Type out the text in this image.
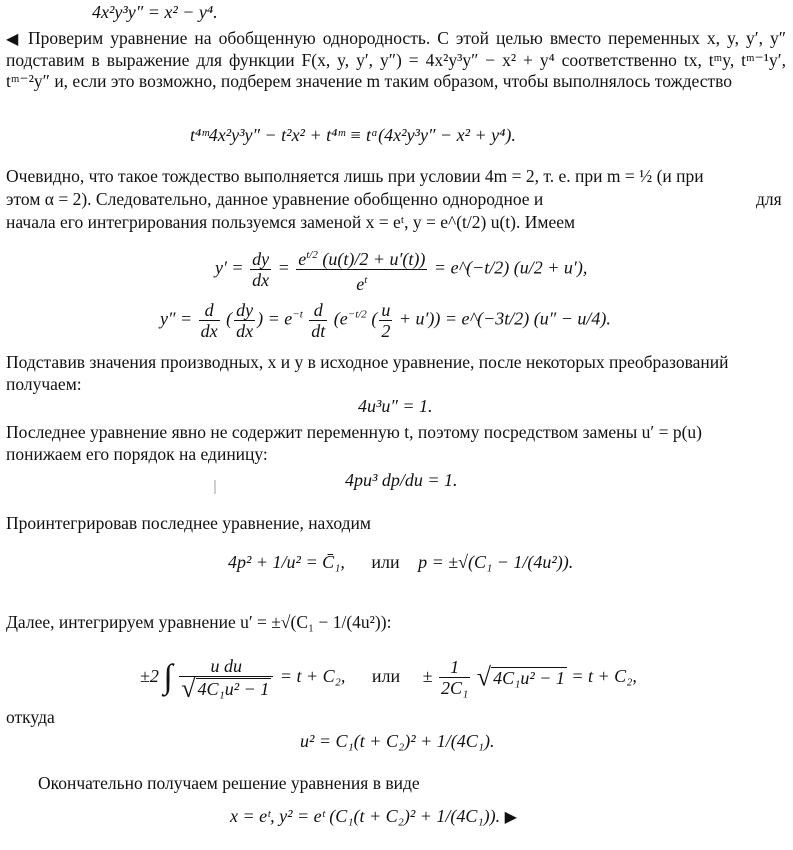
4x²y³y″ = x² − y⁴.
◀ Проверим уравнение на обобщенную однородность. С этой целью вместо переменных x, y, y′, y″ подставим в выражение для функции F(x, y, y′, y″) = 4x²y³y″ − x² + y⁴ соответственно tx, tᵐy, tᵐ⁻¹y′, tᵐ⁻²y″ и, если это возможно, подберем значение m таким образом, чтобы выполнялось тождество
t⁴ᵐ4x²y³y″ − t²x² + t⁴ᵐ ≡ tᵅ(4x²y³y″ − x² + y⁴).
Очевидно, что такое тождество выполняется лишь при условии 4m = 2, т. е. при m = ½ (и при
этом α = 2). Следовательно, данное уравнение обобщенно однородное и	для
начала его интегрирования пользуемся заменой x = eᵗ, y = e^(t/2) u(t). Имеем
$y' = \frac{dy}{dx} = \frac{e^{t/2} (u(t)/2 + u'(t))}{e^t}$ = e^(−t/2) (u/2 + u′),
$y'' = \frac{d}{dx}$ ( $\frac{dy}{dx}$ ) = $e^{-t} \frac{d}{dt} (e^{-t/2}$ ( $\frac{u}{2} + u'$)) = e^(−3t/2) (u″ − u/4).
Подставив значения производных, x и y в исходное уравнение, после некоторых преобразований
получаем:
4u³u″ = 1.
Последнее уравнение явно не содержит переменную t, поэтому посредством замены u′ = p(u)
понижаем его порядок на единицу:
4pu³ dp/du = 1.
Проинтегрировав последнее уравнение, находим
4p² + 1/u² = C̄₁, или p = ±√(C₁ − 1/(4u²)).
Далее, интегрируем уравнение u′ = ±√(C₁ − 1/(4u²)):
±2 ∫ $\frac{\text{u du}}{\text{√ 4C₁u² − 1}} = t + C_2$, или ± $\frac{1}{\text{2C₁}}$ √ 4C₁u² − 1 = t + C₂,
откуда
u² = C₁(t + C₂)² + 1/(4C₁).
Окончательно получаем решение уравнения в виде
x = eᵗ, y² = eᵗ (C₁(t + C₂)² + 1/(4C₁)). ▶
